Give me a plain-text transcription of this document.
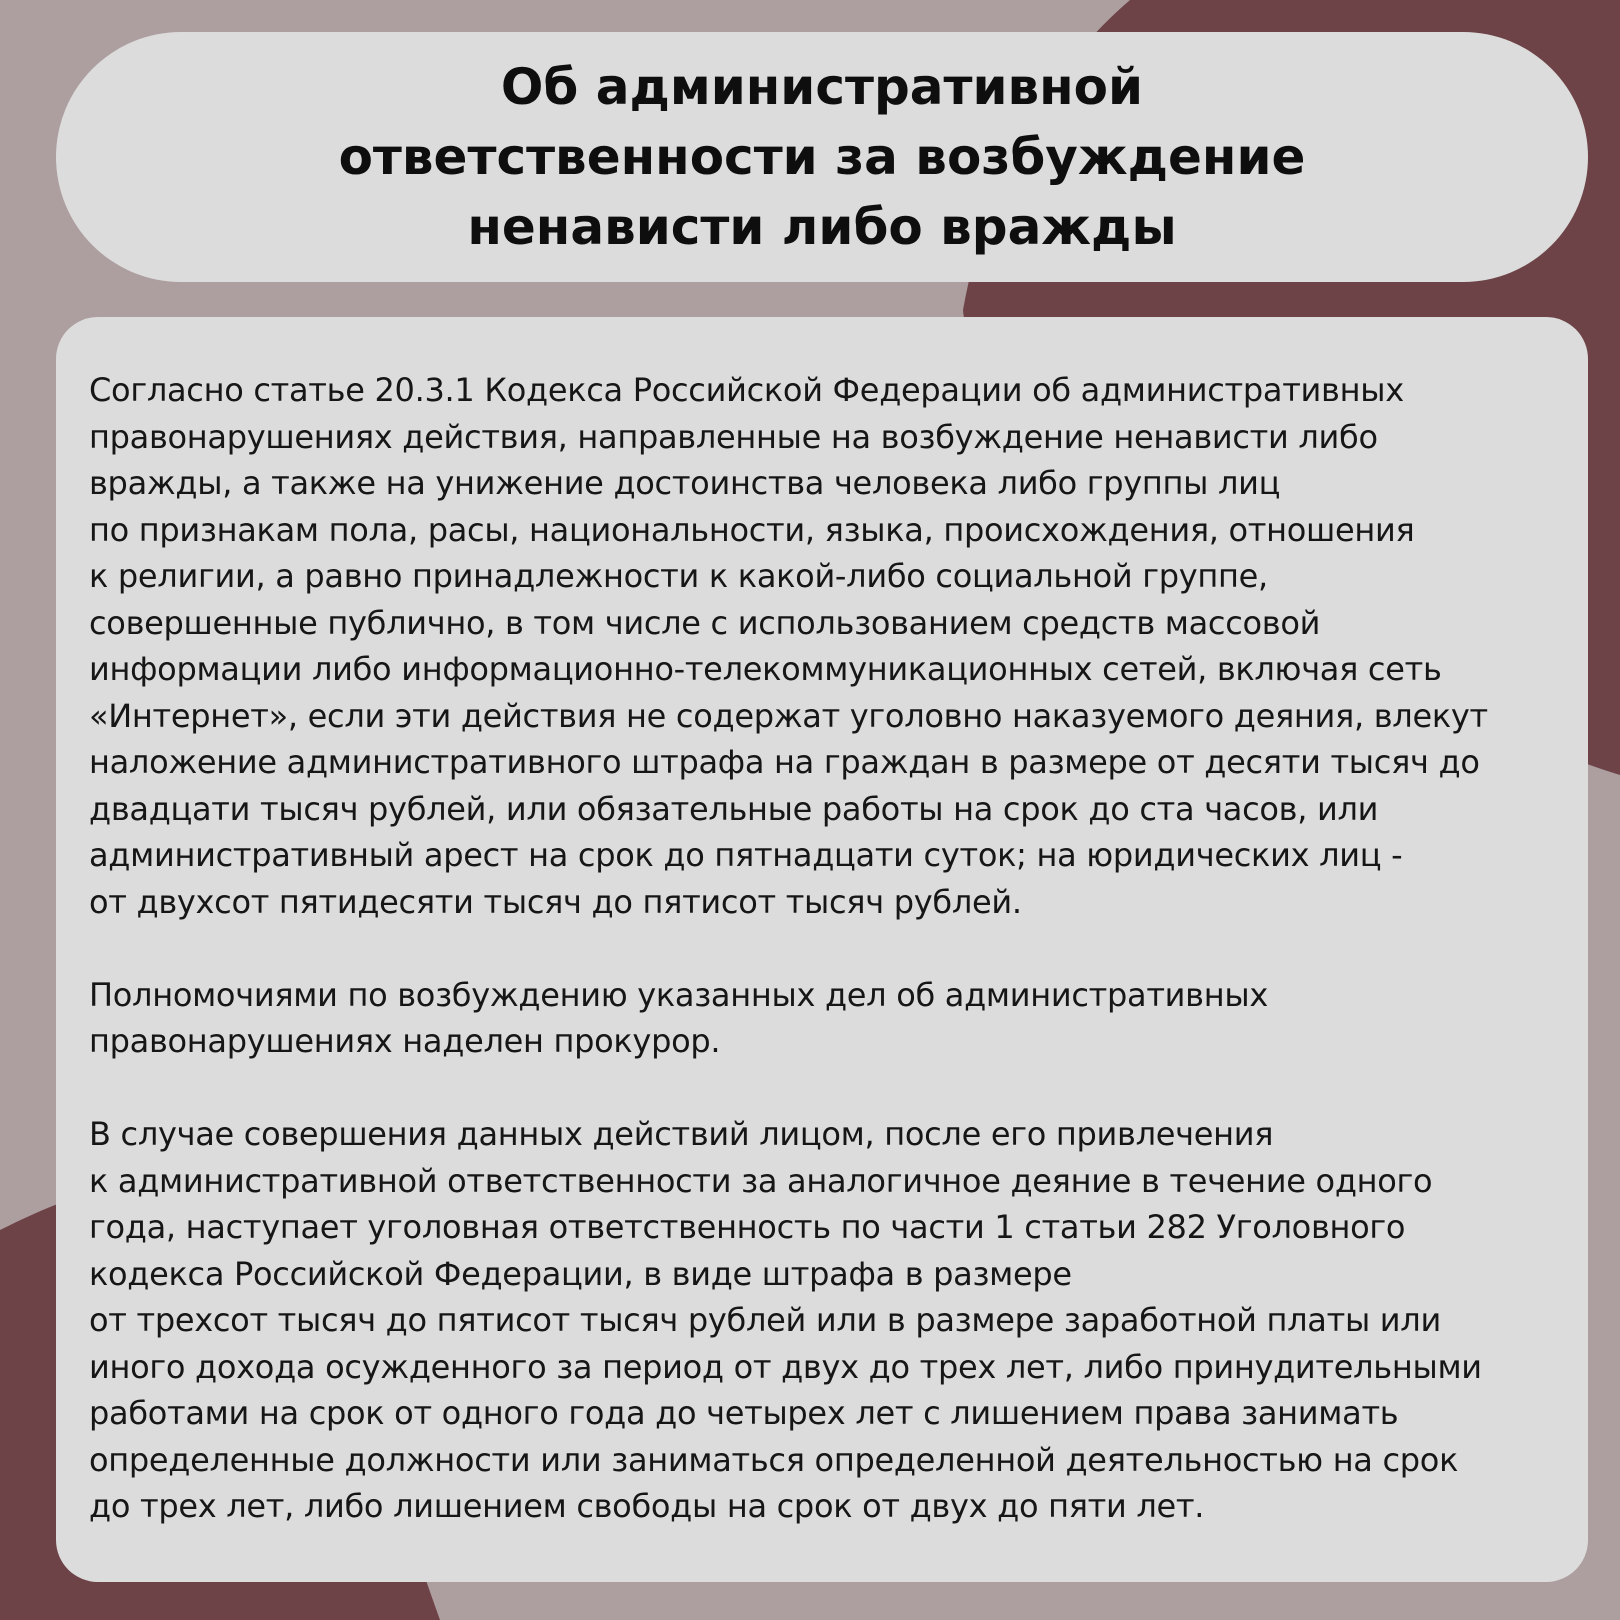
Об административной
ответственности за возбуждение
ненависти либо вражды

Согласно статье 20.3.1 Кодекса Российской Федерации об административных
правонарушениях действия, направленные на возбуждение ненависти либо
вражды, а также на унижение достоинства человека либо группы лиц
по признакам пола, расы, национальности, языка, происхождения, отношения
к религии, а равно принадлежности к какой-либо социальной группе,
совершенные публично, в том числе с использованием средств массовой
информации либо информационно-телекоммуникационных сетей, включая сеть
«Интернет», если эти действия не содержат уголовно наказуемого деяния, влекут
наложение административного штрафа на граждан в размере от десяти тысяч до
двадцати тысяч рублей, или обязательные работы на срок до ста часов, или
административный арест на срок до пятнадцати суток; на юридических лиц -
от двухсот пятидесяти тысяч до пятисот тысяч рублей.

Полномочиями по возбуждению указанных дел об административных
правонарушениях наделен прокурор.

В случае совершения данных действий лицом, после его привлечения
к административной ответственности за аналогичное деяние в течение одного
года, наступает уголовная ответственность по части 1 статьи 282 Уголовного
кодекса Российской Федерации, в виде штрафа в размере
от трехсот тысяч до пятисот тысяч рублей или в размере заработной платы или
иного дохода осужденного за период от двух до трех лет, либо принудительными
работами на срок от одного года до четырех лет с лишением права занимать
определенные должности или заниматься определенной деятельностью на срок
до трех лет, либо лишением свободы на срок от двух до пяти лет.
